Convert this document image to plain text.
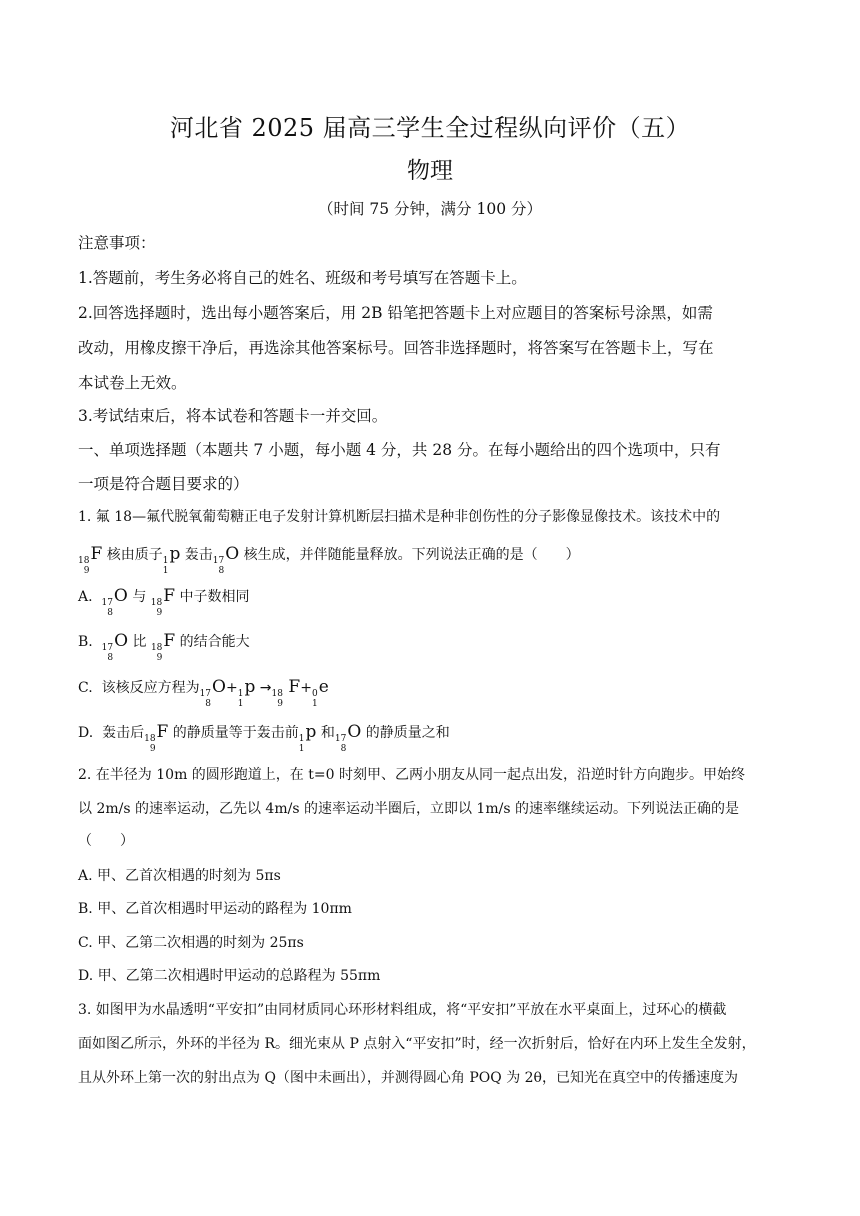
河北省 2025 届高三学生全过程纵向评价（五）
物理
（时间 75 分钟，满分 100 分）
注意事项：
1.答题前，考生务必将自己的姓名、班级和考号填写在答题卡上。
2.回答选择题时，选出每小题答案后，用 2B 铅笔把答题卡上对应题目的答案标号涂黑，如需
改动，用橡皮擦干净后，再选涂其他答案标号。回答非选择题时，将答案写在答题卡上，写在
本试卷上无效。
3.考试结束后，将本试卷和答题卡一并交回。
一、单项选择题（本题共 7 小题，每小题 4 分，共 28 分。在每小题给出的四个选项中，只有
一项是符合题目要求的）
1. 氟 18—氟代脱氧葡萄糖正电子发射计算机断层扫描术是种非创伤性的分子影像显像技术。该技术中的
18
9
F 核由质子 1
1
p 轰击 17
8
O 核生成，并伴随能量释放。下列说法正确的是（　　）
A. 17
8
O 与 18
9
F 中子数相同
B. 17
8
O 比 18
9
F 的结合能大
C. 该核反应方程为 17
8
O+ 1
1
p → 18
9
F+ 0
1
e
D. 轰击后 18
9
F 的静质量等于轰击前 1
1
p 和 17
8
O 的静质量之和
2. 在半径为 10m 的圆形跑道上，在 t=0 时刻甲、乙两小朋友从同一起点出发，沿逆时针方向跑步。甲始终
以 2m/s 的速率运动，乙先以 4m/s 的速率运动半圈后，立即以 1m/s 的速率继续运动。下列说法正确的是
（　　）
A. 甲、乙首次相遇的时刻为 5πs
B. 甲、乙首次相遇时甲运动的路程为 10πm
C. 甲、乙第二次相遇的时刻为 25πs
D. 甲、乙第二次相遇时甲运动的总路程为 55πm
3. 如图甲为水晶透明“平安扣”由同材质同心环形材料组成，将“平安扣”平放在水平桌面上，过环心的横截
面如图乙所示，外环的半径为 R。细光束从 P 点射入“平安扣”时，经一次折射后，恰好在内环上发生全发射，
且从外环上第一次的射出点为 Q（图中未画出），并测得圆心角 POQ 为 2θ，已知光在真空中的传播速度为
